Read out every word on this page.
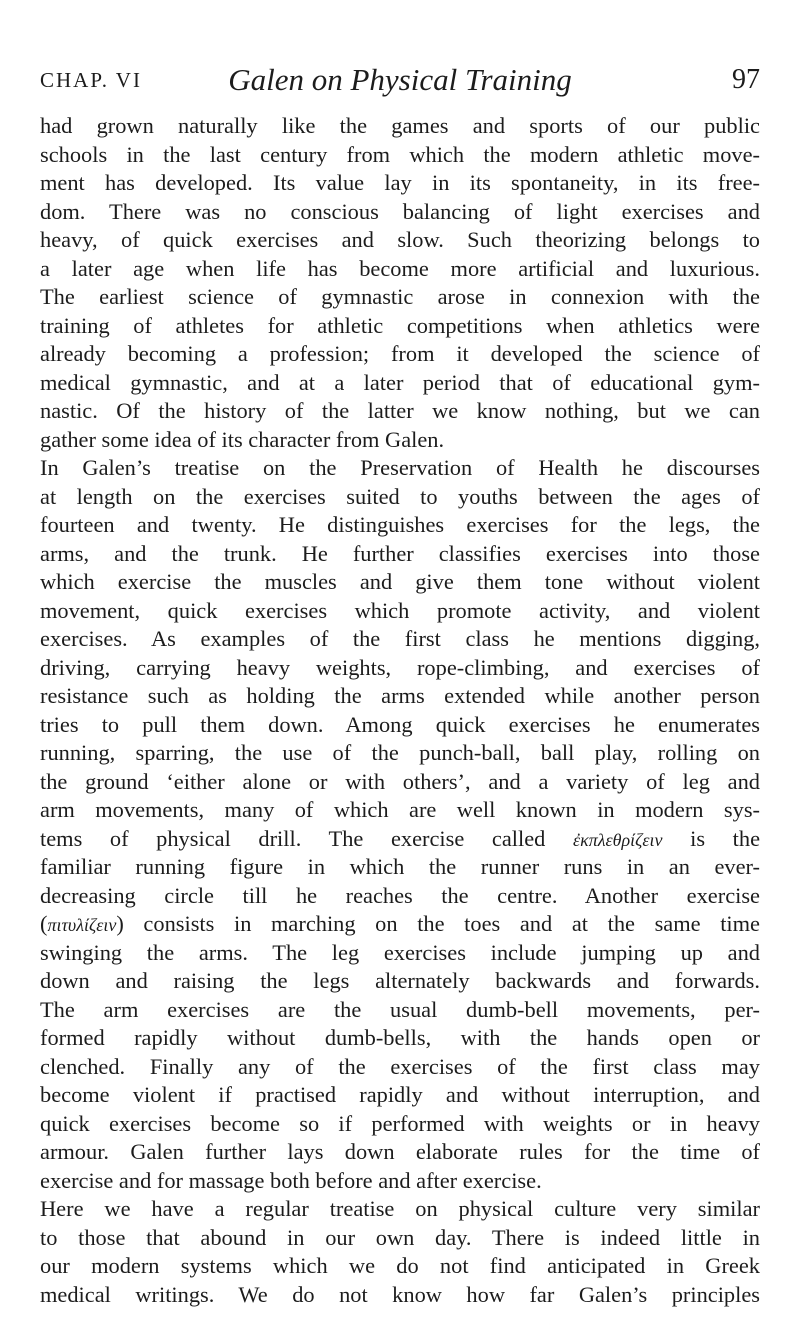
CHAP. VI	Galen on Physical Training	97
had grown naturally like the games and sports of our public
schools in the last century from which the modern athletic move-
ment has developed. Its value lay in its spontaneity, in its free-
dom. There was no conscious balancing of light exercises and
heavy, of quick exercises and slow. Such theorizing belongs to
a later age when life has become more artificial and luxurious.
The earliest science of gymnastic arose in connexion with the
training of athletes for athletic competitions when athletics were
already becoming a profession; from it developed the science of
medical gymnastic, and at a later period that of educational gym-
nastic. Of the history of the latter we know nothing, but we can
gather some idea of its character from Galen.
In Galen’s treatise on the Preservation of Health he discourses
at length on the exercises suited to youths between the ages of
fourteen and twenty. He distinguishes exercises for the legs, the
arms, and the trunk. He further classifies exercises into those
which exercise the muscles and give them tone without violent
movement, quick exercises which promote activity, and violent
exercises. As examples of the first class he mentions digging,
driving, carrying heavy weights, rope-climbing, and exercises of
resistance such as holding the arms extended while another person
tries to pull them down. Among quick exercises he enumerates
running, sparring, the use of the punch-ball, ball play, rolling on
the ground ‘either alone or with others’, and a variety of leg and
arm movements, many of which are well known in modern sys-
tems of physical drill. The exercise called ἐκπλεθρίζειν is the
familiar running figure in which the runner runs in an ever-
decreasing circle till he reaches the centre. Another exercise
(πιτυλίζειν) consists in marching on the toes and at the same time
swinging the arms. The leg exercises include jumping up and
down and raising the legs alternately backwards and forwards.
The arm exercises are the usual dumb-bell movements, per-
formed rapidly without dumb-bells, with the hands open or
clenched. Finally any of the exercises of the first class may
become violent if practised rapidly and without interruption, and
quick exercises become so if performed with weights or in heavy
armour. Galen further lays down elaborate rules for the time of
exercise and for massage both before and after exercise.
Here we have a regular treatise on physical culture very similar
to those that abound in our own day. There is indeed little in
our modern systems which we do not find anticipated in Greek
medical writings. We do not know how far Galen’s principles
